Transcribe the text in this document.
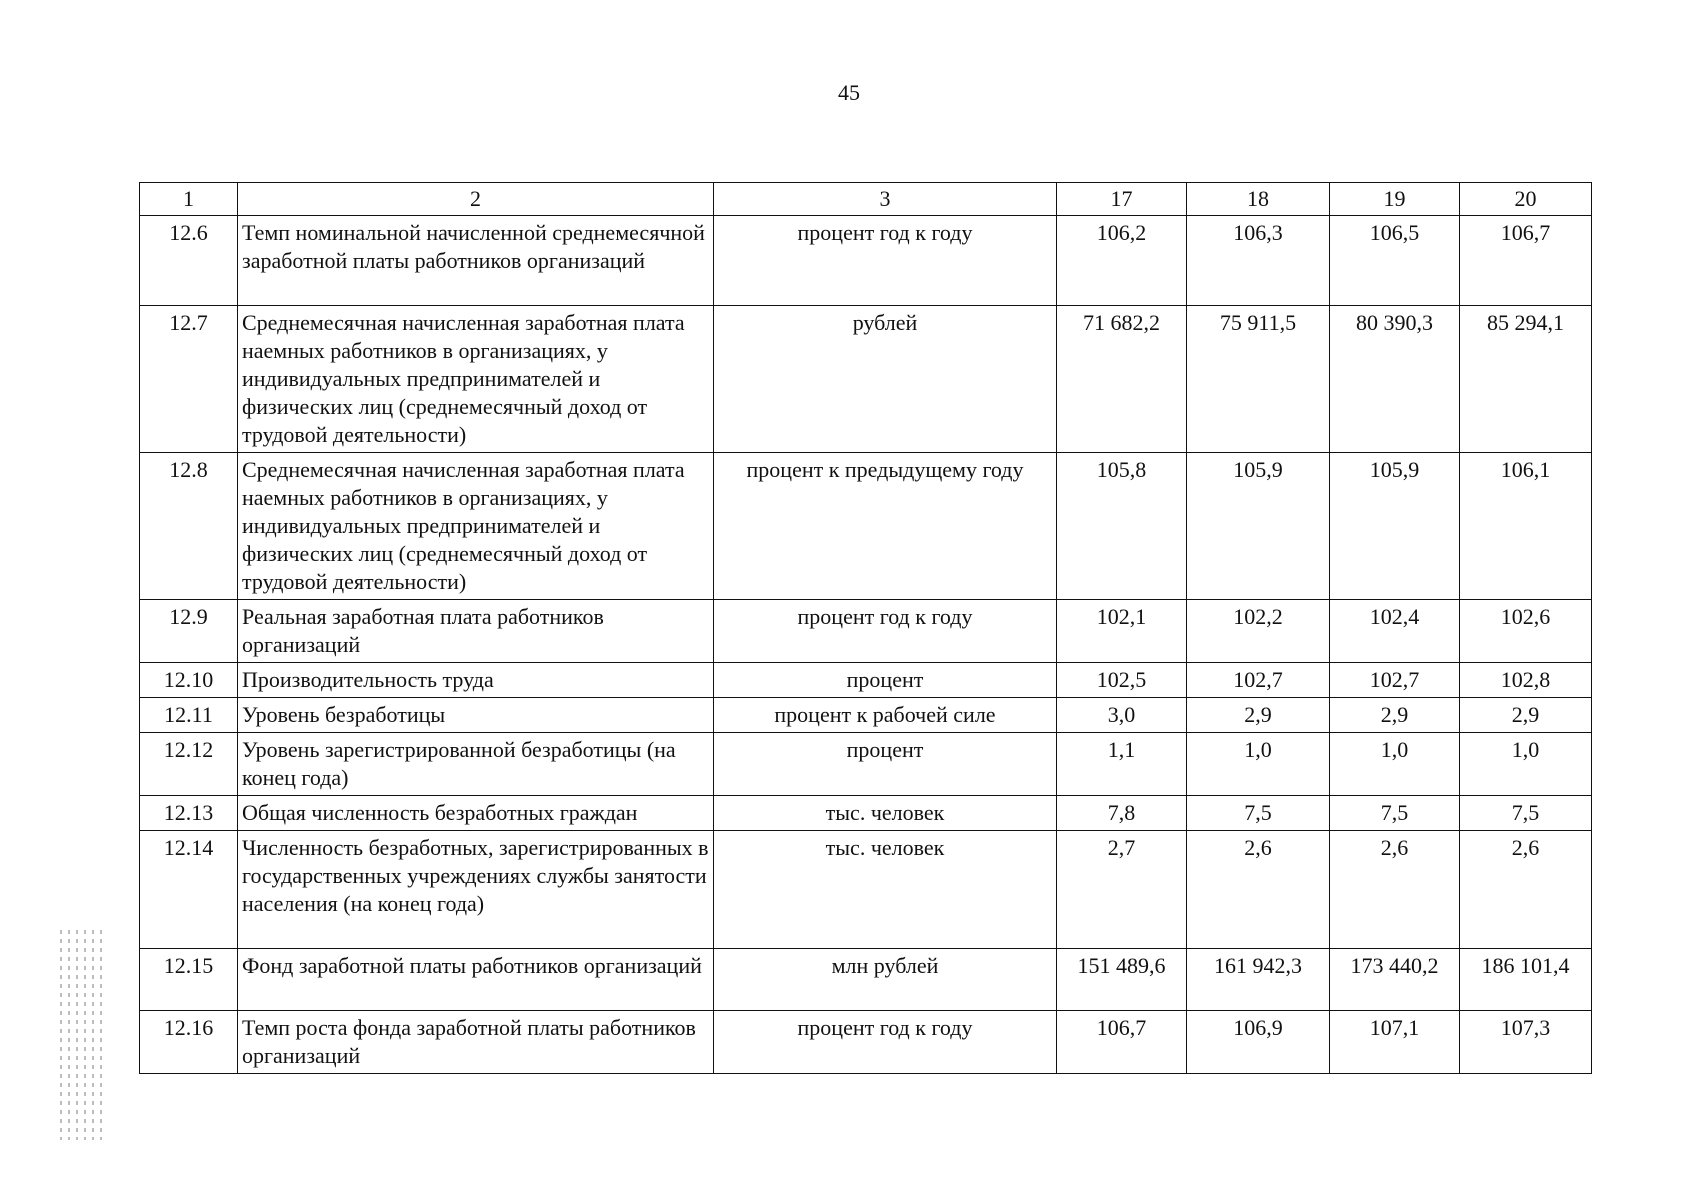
45
1	2	3	17	18	19	20
12.6	Темп номинальной начисленной среднемесячной заработной платы работников организаций	процент год к году	106,2	106,3	106,5	106,7
12.7	Среднемесячная начисленная заработная плата наемных работников в организациях, у индивидуальных предпринимателей и физических лиц (среднемесячный доход от трудовой деятельности)	рублей	71 682,2	75 911,5	80 390,3	85 294,1
12.8	Среднемесячная начисленная заработная плата наемных работников в организациях, у индивидуальных предпринимателей и физических лиц (среднемесячный доход от трудовой деятельности)	процент к предыдущему году	105,8	105,9	105,9	106,1
12.9	Реальная заработная плата работников организаций	процент год к году	102,1	102,2	102,4	102,6
12.10	Производительность труда	процент	102,5	102,7	102,7	102,8
12.11	Уровень безработицы	процент к рабочей силе	3,0	2,9	2,9	2,9
12.12	Уровень зарегистрированной безработицы (на конец года)	процент	1,1	1,0	1,0	1,0
12.13	Общая численность безработных граждан	тыс. человек	7,8	7,5	7,5	7,5
12.14	Численность безработных, зарегистрированных в государственных учреждениях службы занятости населения (на конец года)	тыс. человек	2,7	2,6	2,6	2,6
12.15	Фонд заработной платы работников организаций	млн рублей	151 489,6	161 942,3	173 440,2	186 101,4
12.16	Темп роста фонда заработной платы работников организаций	процент год к году	106,7	106,9	107,1	107,3
